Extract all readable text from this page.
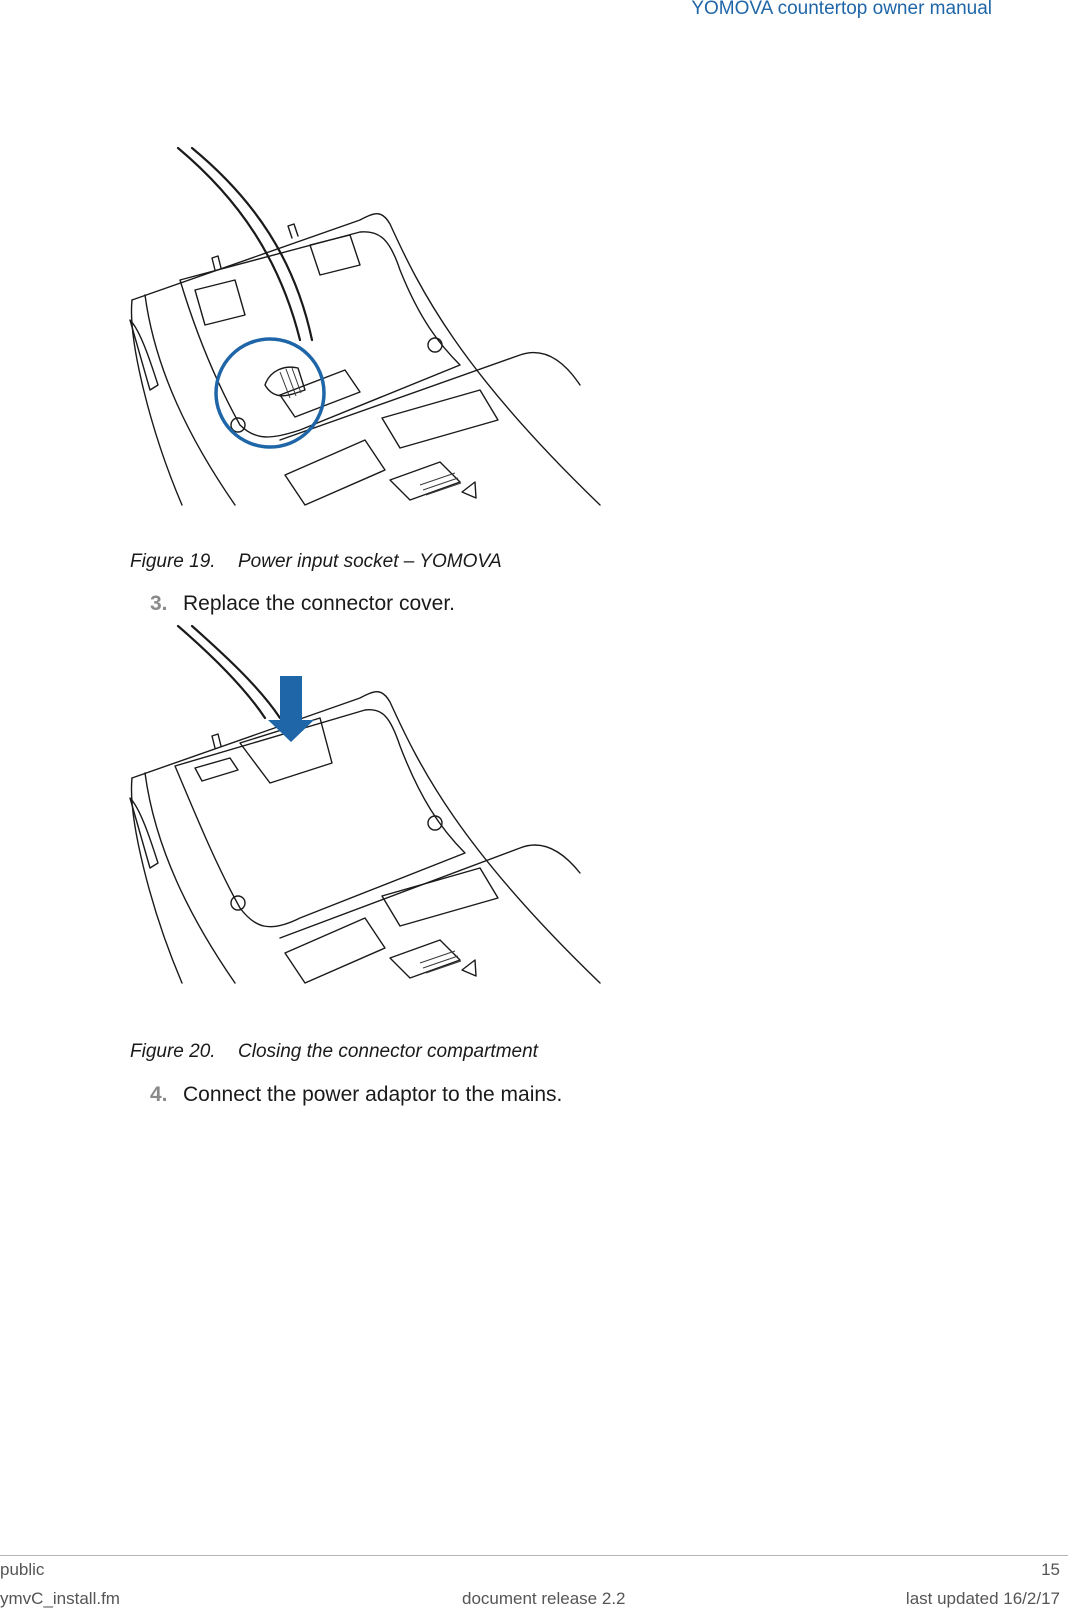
YOMOVA countertop owner manual
Figure 19. Power input socket – YOMOVA
3. Replace the connector cover.
Figure 20. Closing the connector compartment
4. Connect the power adaptor to the mains.
public	15
ymvC_install.fm	document release 2.2	last updated 16/2/17
